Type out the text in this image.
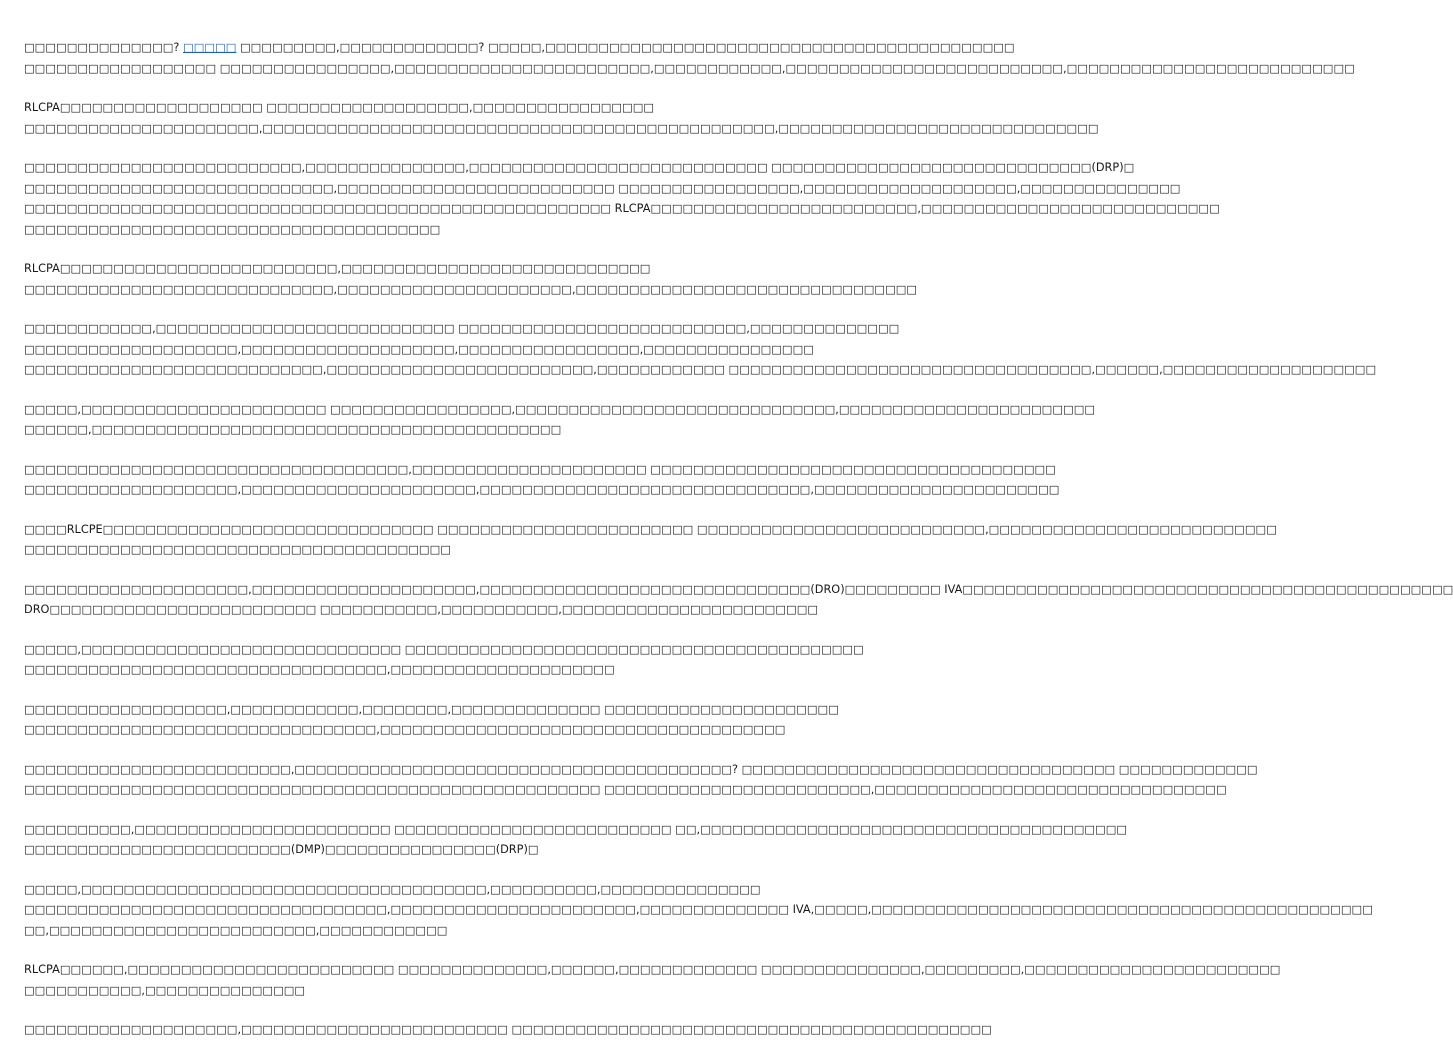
□□□□□□□□□□□□□□? □□□□□ □□□□□□□□□,□□□□□□□□□□□□□? □□□□□,□□□□□□□□□□□□□□□□□□□□□□□□□□□□□□□□□□□□□□□□□□□□
□□□□□□□□□□□□□□□□□□ □□□□□□□□□□□□□□□□,□□□□□□□□□□□□□□□□□□□□□□□□,□□□□□□□□□□□□,□□□□□□□□□□□□□□□□□□□□□□□□□□,□□□□□□□□□□□□□□□□□□□□□□□□□□□
RLCPA□□□□□□□□□□□□□□□□□□□ □□□□□□□□□□□□□□□□□□□,□□□□□□□□□□□□□□□□□
□□□□□□□□□□□□□□□□□□□□□□,□□□□□□□□□□□□□□□□□□□□□□□□□□□□□□□□□□□□□□□□□□□□□□□□,□□□□□□□□□□□□□□□□□□□□□□□□□□□□□□
□□□□□□□□□□□□□□□□□□□□□□□□□□,□□□□□□□□□□□□□□□,□□□□□□□□□□□□□□□□□□□□□□□□□□□□ □□□□□□□□□□□□□□□□□□□□□□□□□□□□□□(DRP)□
□□□□□□□□□□□□□□□□□□□□□□□□□□□□□,□□□□□□□□□□□□□□□□□□□□□□□□□□ □□□□□□□□□□□□□□□□□,□□□□□□□□□□□□□□□□□□□□,□□□□□□□□□□□□□□□
□□□□□□□□□□□□□□□□□□□□□□□□□□□□□□□□□□□□□□□□□□□□□□□□□□□□□□□ RLCPA□□□□□□□□□□□□□□□□□□□□□□□□□,□□□□□□□□□□□□□□□□□□□□□□□□□□□□
□□□□□□□□□□□□□□□□□□□□□□□□□□□□□□□□□□□□□□□
RLCPA□□□□□□□□□□□□□□□□□□□□□□□□□□,□□□□□□□□□□□□□□□□□□□□□□□□□□□□□
□□□□□□□□□□□□□□□□□□□□□□□□□□□□□,□□□□□□□□□□□□□□□□□□□□□□,□□□□□□□□□□□□□□□□□□□□□□□□□□□□□□□□
□□□□□□□□□□□□,□□□□□□□□□□□□□□□□□□□□□□□□□□□□ □□□□□□□□□□□□□□□□□□□□□□□□□□□,□□□□□□□□□□□□□□
□□□□□□□□□□□□□□□□□□□□,□□□□□□□□□□□□□□□□□□□□,□□□□□□□□□□□□□□□□□,□□□□□□□□□□□□□□□□
□□□□□□□□□□□□□□□□□□□□□□□□□□□□,□□□□□□□□□□□□□□□□□□□□□□□□□,□□□□□□□□□□□□ □□□□□□□□□□□□□□□□□□□□□□□□□□□□□□□□□□,□□□□□□,□□□□□□□□□□□□□□□□□□□□
□□□□□,□□□□□□□□□□□□□□□□□□□□□□□ □□□□□□□□□□□□□□□□□,□□□□□□□□□□□□□□□□□□□□□□□□□□□□□□,□□□□□□□□□□□□□□□□□□□□□□□□
□□□□□□,□□□□□□□□□□□□□□□□□□□□□□□□□□□□□□□□□□□□□□□□□□□□
□□□□□□□□□□□□□□□□□□□□□□□□□□□□□□□□□□□□,□□□□□□□□□□□□□□□□□□□□□□ □□□□□□□□□□□□□□□□□□□□□□□□□□□□□□□□□□□□□□
□□□□□□□□□□□□□□□□□□□□,□□□□□□□□□□□□□□□□□□□□□□,□□□□□□□□□□□□□□□□□□□□□□□□□□□□□□□,□□□□□□□□□□□□□□□□□□□□□□□
□□□□RLCPE□□□□□□□□□□□□□□□□□□□□□□□□□□□□□□□ □□□□□□□□□□□□□□□□□□□□□□□□ □□□□□□□□□□□□□□□□□□□□□□□□□□□,□□□□□□□□□□□□□□□□□□□□□□□□□□□
□□□□□□□□□□□□□□□□□□□□□□□□□□□□□□□□□□□□□□□□
□□□□□□□□□□□□□□□□□□□□□,□□□□□□□□□□□□□□□□□□□□□,□□□□□□□□□□□□□□□□□□□□□□□□□□□□□□□(DRO)□□□□□□□□□ IVA□□□□□□□□□□□□□□□□□□□□□□□□□□□□□□□□□□□□□□□□□□□□□□
DRO□□□□□□□□□□□□□□□□□□□□□□□□□ □□□□□□□□□□□,□□□□□□□□□□□,□□□□□□□□□□□□□□□□□□□□□□□□
□□□□□,□□□□□□□□□□□□□□□□□□□□□□□□□□□□□□ □□□□□□□□□□□□□□□□□□□□□□□□□□□□□□□□□□□□□□□□□□□
□□□□□□□□□□□□□□□□□□□□□□□□□□□□□□□□□□,□□□□□□□□□□□□□□□□□□□□□
□□□□□□□□□□□□□□□□□□□,□□□□□□□□□□□□,□□□□□□□□,□□□□□□□□□□□□□□ □□□□□□□□□□□□□□□□□□□□□□
□□□□□□□□□□□□□□□□□□□□□□□□□□□□□□□□□,□□□□□□□□□□□□□□□□□□□□□□□□□□□□□□□□□□□□□□
□□□□□□□□□□□□□□□□□□□□□□□□□,□□□□□□□□□□□□□□□□□□□□□□□□□□□□□□□□□□□□□□□□□? □□□□□□□□□□□□□□□□□□□□□□□□□□□□□□□□□□□ □□□□□□□□□□□□□
□□□□□□□□□□□□□□□□□□□□□□□□□□□□□□□□□□□□□□□□□□□□□□□□□□□□□□ □□□□□□□□□□□□□□□□□□□□□□□□□,□□□□□□□□□□□□□□□□□□□□□□□□□□□□□□□□□
□□□□□□□□□□,□□□□□□□□□□□□□□□□□□□□□□□□ □□□□□□□□□□□□□□□□□□□□□□□□□□ □□,□□□□□□□□□□□□□□□□□□□□□□□□□□□□□□□□□□□□□□□□
□□□□□□□□□□□□□□□□□□□□□□□□□(DMP)□□□□□□□□□□□□□□□□(DRP)□
□□□□□,□□□□□□□□□□□□□□□□□□□□□□□□□□□□□□□□□□□□□□,□□□□□□□□□□,□□□□□□□□□□□□□□□
□□□□□□□□□□□□□□□□□□□□□□□□□□□□□□□□□□,□□□□□□□□□□□□□□□□□□□□□□□,□□□□□□□□□□□□□□ IVA,□□□□□,□□□□□□□□□□□□□□□□□□□□□□□□□□□□□□□□□□□□□□□□□□□□□□□
□□,□□□□□□□□□□□□□□□□□□□□□□□□□,□□□□□□□□□□□□
RLCPA□□□□□□,□□□□□□□□□□□□□□□□□□□□□□□□□ □□□□□□□□□□□□□□,□□□□□□,□□□□□□□□□□□□□ □□□□□□□□□□□□□□□,□□□□□□□□□,□□□□□□□□□□□□□□□□□□□□□□□□
□□□□□□□□□□□,□□□□□□□□□□□□□□□
□□□□□□□□□□□□□□□□□□□□,□□□□□□□□□□□□□□□□□□□□□□□□□ □□□□□□□□□□□□□□□□□□□□□□□□□□□□□□□□□□□□□□□□□□□□□
